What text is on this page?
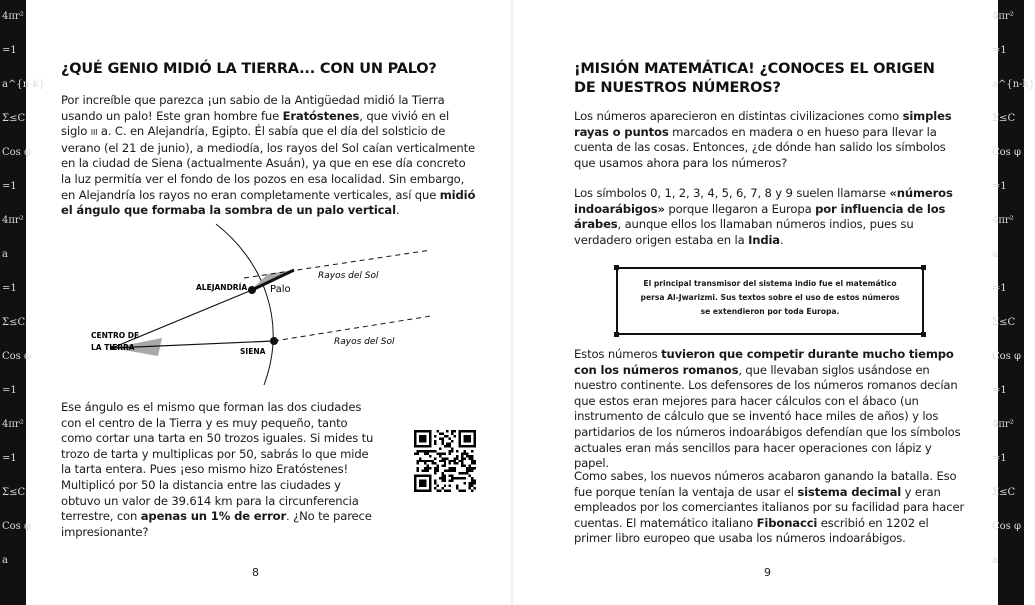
4πr²
=1
a^{n-k}
Σ≤C
Cos φ
=1
4πr²
a
=1
Σ≤C
Cos φ
=1
4πr²
=1
Σ≤C
Cos φ
a
4πr²
=1
a^{n-k}
Σ≤C
Cos φ
=1
4πr²
a
=1
Σ≤C
Cos φ
=1
4πr²
=1
Σ≤C
Cos φ
a
¿QUÉ GENIO MIDIÓ LA TIERRA... CON UN PALO?

Por increíble que parezca ¡un sabio de la Antigüedad midió la Tierra usando un palo! Este gran hombre fue Eratóstenes, que vivió en el siglo III a. C. en Alejandría, Egipto. Él sabía que el día del solsticio de verano (el 21 de junio), a mediodía, los rayos del Sol caían verticalmente en la ciudad de Siena (actualmente Asuán), ya que en ese día concreto la luz permitía ver el fondo de los pozos en esa localidad. Sin embargo, en Alejandría los rayos no eran completamente verticales, así que midió el ángulo que formaba la sombra de un palo vertical.

ALEJANDRÍA Palo
Rayos del Sol
CENTRO DE
LA TIERRA	SIENA
Rayos del Sol

Ese ángulo es el mismo que forman las dos ciudades con el centro de la Tierra y es muy pequeño, tanto como cortar una tarta en 50 trozos iguales. Si mides tu trozo de tarta y multiplicas por 50, sabrás lo que mide la tarta entera. Pues ¡eso mismo hizo Eratóstenes! Multiplicó por 50 la distancia entre las ciudades y obtuvo un valor de 39.614 km para la circunferencia terrestre, con apenas un 1% de error. ¿No te parece impresionante?

8
¡MISIÓN MATEMÁTICA! ¿CONOCES EL ORIGEN
DE NUESTROS NÚMEROS?

Los números aparecieron en distintas civilizaciones como simples rayas o puntos marcados en madera o en hueso para llevar la cuenta de las cosas. Entonces, ¿de dónde han salido los símbolos que usamos ahora para los números?

Los símbolos 0, 1, 2, 3, 4, 5, 6, 7, 8 y 9 suelen llamarse «números indoarábigos» porque llegaron a Europa por influencia de los árabes, aunque ellos los llamaban números indios, pues su verdadero origen estaba en la India.

El principal transmisor del sistema indio fue el matemático persa Al-Jwarizmi. Sus textos sobre el uso de estos números se extendieron por toda Europa.

Estos números tuvieron que competir durante mucho tiempo con los números romanos, que llevaban siglos usándose en nuestro continente. Los defensores de los números romanos decían que estos eran mejores para hacer cálculos con el ábaco (un instrumento de cálculo que se inventó hace miles de años) y los partidarios de los números indoarábigos defendían que los símbolos actuales eran más sencillos para hacer operaciones con lápiz y papel.

Como sabes, los nuevos números acabaron ganando la batalla. Eso fue porque tenían la ventaja de usar el sistema decimal y eran empleados por los comerciantes italianos por su facilidad para hacer cuentas. El matemático italiano Fibonacci escribió en 1202 el primer libro europeo que usaba los números indoarábigos.

9
